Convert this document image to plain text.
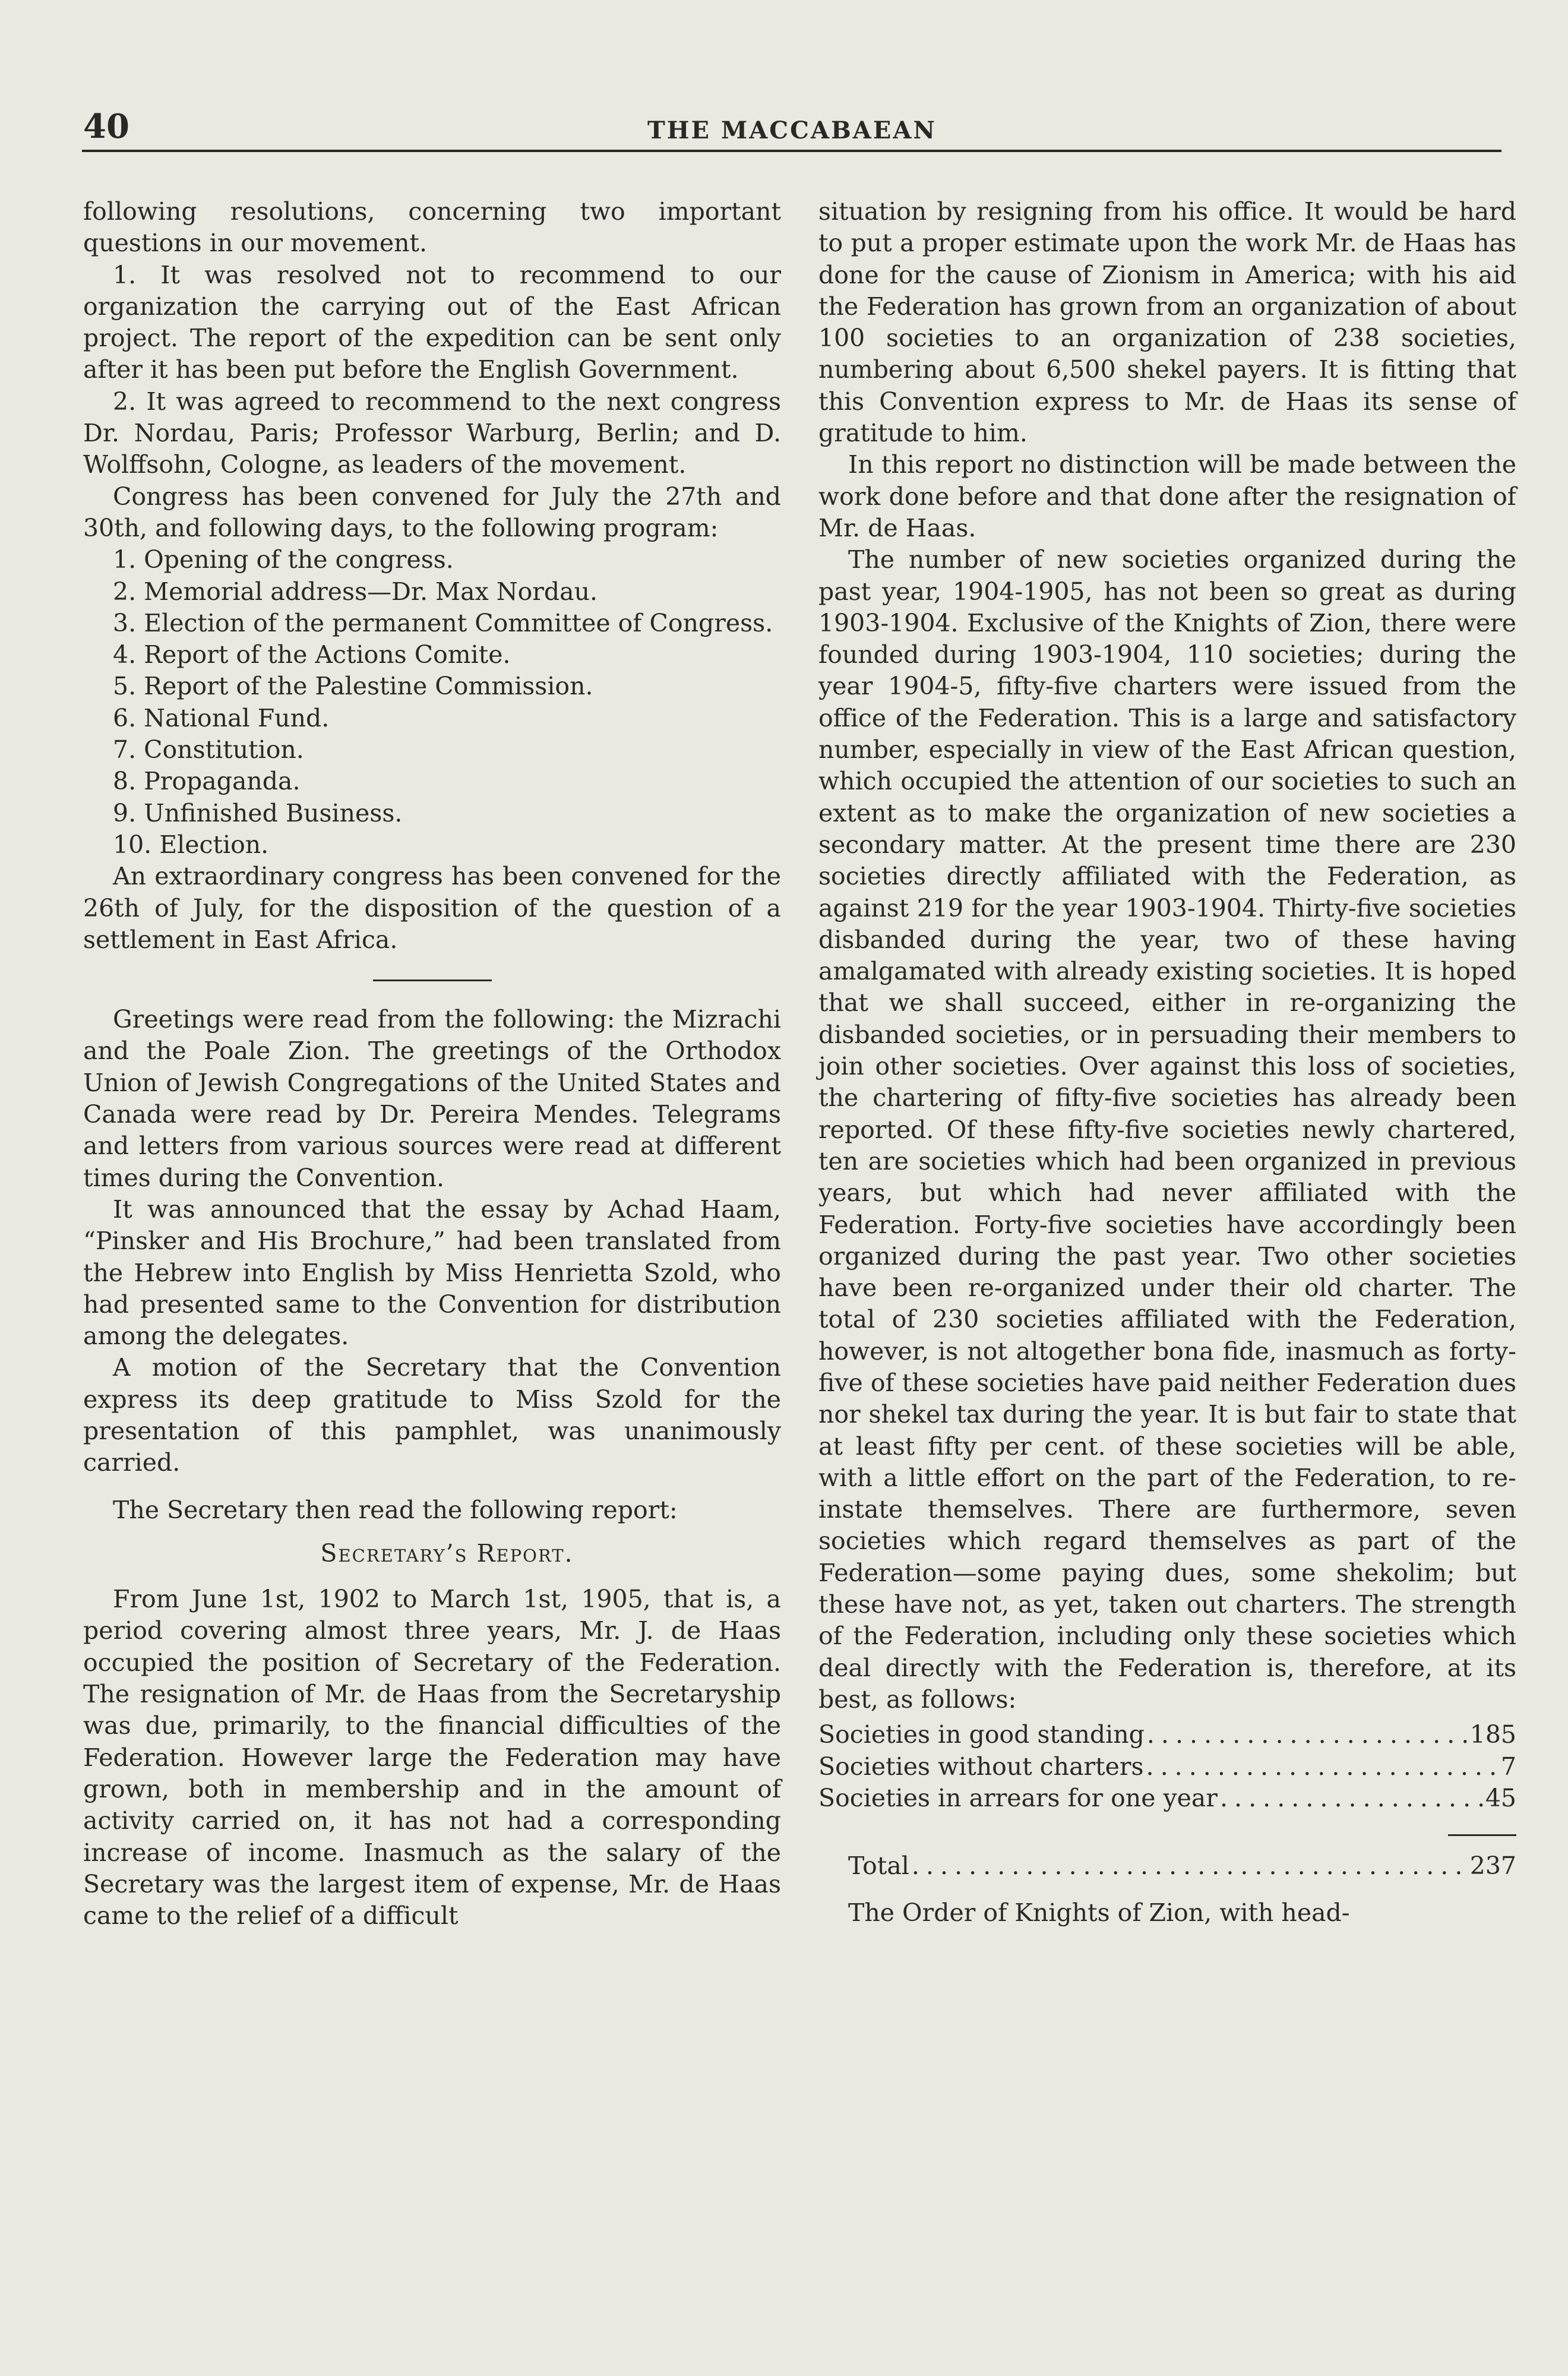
40	THE MACCABAEAN

following resolutions, concerning two important questions in our movement.

1. It was resolved not to recommend to our organization the carrying out of the East African project. The report of the expedition can be sent only after it has been put before the English Government.

2. It was agreed to recommend to the next congress Dr. Nordau, Paris; Professor Warburg, Berlin; and D. Wolffsohn, Cologne, as leaders of the movement.

Congress has been convened for July the 27th and 30th, and following days, to the following program:

1. Opening of the congress.
2. Memorial address—Dr. Max Nordau.
3. Election of the permanent Committee of Congress.
4. Report of the Actions Comite.
5. Report of the Palestine Commission.
6. National Fund.
7. Constitution.
8. Propaganda.
9. Unfinished Business.
10. Election.

An extraordinary congress has been convened for the 26th of July, for the disposition of the question of a settlement in East Africa.

Greetings were read from the following: the Mizrachi and the Poale Zion. The greetings of the Orthodox Union of Jewish Congregations of the United States and Canada were read by Dr. Pereira Mendes. Telegrams and letters from various sources were read at different times during the Convention.

It was announced that the essay by Achad Haam, “Pinsker and His Brochure,” had been translated from the Hebrew into English by Miss Henrietta Szold, who had presented same to the Convention for distribution among the delegates.

A motion of the Secretary that the Convention express its deep gratitude to Miss Szold for the presentation of this pamphlet, was unanimously carried.

The Secretary then read the following report:

Secretary’s Report.

From June 1st, 1902 to March 1st, 1905, that is, a period covering almost three years, Mr. J. de Haas occupied the position of Secretary of the Federation. The resignation of Mr. de Haas from the Secretaryship was due, primarily, to the financial difficulties of the Federation. However large the Federation may have grown, both in membership and in the amount of activity carried on, it has not had a corresponding increase of income. Inasmuch as the salary of the Secretary was the largest item of expense, Mr. de Haas came to the relief of a difficult

situation by resigning from his office. It would be hard to put a proper estimate upon the work Mr. de Haas has done for the cause of Zionism in America; with his aid the Federation has grown from an organization of about 100 societies to an organization of 238 societies, numbering about 6,500 shekel payers. It is fitting that this Convention express to Mr. de Haas its sense of gratitude to him.

In this report no distinction will be made between the work done before and that done after the resignation of Mr. de Haas.

The number of new societies organized during the past year, 1904-1905, has not been so great as during 1903-1904. Exclusive of the Knights of Zion, there were founded during 1903-1904, 110 societies; during the year 1904-5, fifty-five charters were issued from the office of the Federation. This is a large and satisfactory number, especially in view of the East African question, which occupied the attention of our societies to such an extent as to make the organization of new societies a secondary matter. At the present time there are 230 societies directly affiliated with the Federation, as against 219 for the year 1903-1904. Thirty-five societies disbanded during the year, two of these having amalgamated with already existing societies. It is hoped that we shall succeed, either in re-organizing the disbanded societies, or in persuading their members to join other societies. Over against this loss of societies, the chartering of fifty-five societies has already been reported. Of these fifty-five societies newly chartered, ten are societies which had been organized in previous years, but which had never affiliated with the Federation. Forty-five societies have accordingly been organized during the past year. Two other societies have been re-organized under their old charter. The total of 230 societies affiliated with the Federation, however, is not altogether bona fide, inasmuch as forty-five of these societies have paid neither Federation dues nor shekel tax during the year. It is but fair to state that at least fifty per cent. of these societies will be able, with a little effort on the part of the Federation, to re-instate themselves. There are furthermore, seven societies which regard themselves as part of the Federation—some paying dues, some shekolim; but these have not, as yet, taken out charters. The strength of the Federation, including only these societies which deal directly with the Federation is, therefore, at its best, as follows:

Societies in good standing . . .	185
Societies without charters . . .	7
Societies in arrears for one year . . .	45
Total . . .	237

The Order of Knights of Zion, with head-
